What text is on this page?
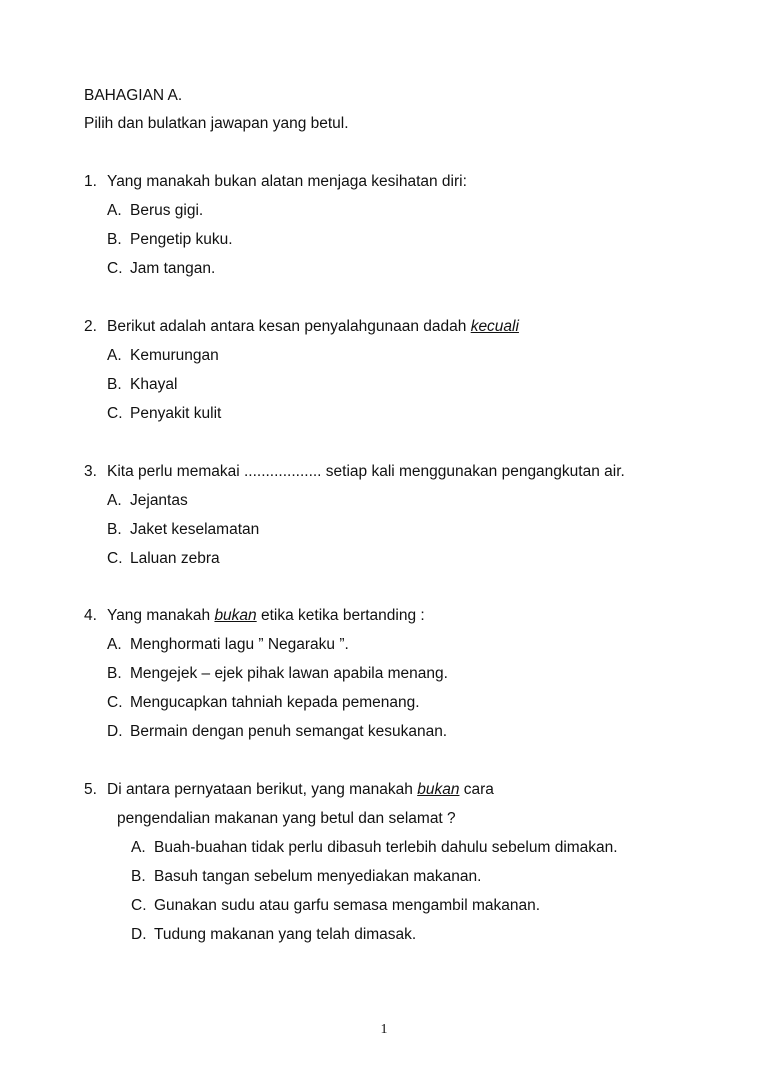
BAHAGIAN A.
Pilih dan bulatkan jawapan yang betul.
1. Yang manakah bukan alatan menjaga kesihatan diri:
A. Berus gigi.
B. Pengetip kuku.
C. Jam tangan.
2. Berikut adalah antara kesan penyalahgunaan dadah kecuali
A. Kemurungan
B. Khayal
C. Penyakit kulit
3. Kita perlu memakai .................. setiap kali menggunakan pengangkutan air.
A. Jejantas
B. Jaket keselamatan
C. Laluan zebra
4. Yang manakah bukan etika ketika bertanding :
A. Menghormati lagu ” Negaraku ”.
B. Mengejek – ejek pihak lawan apabila menang.
C. Mengucapkan tahniah kepada pemenang.
D. Bermain dengan penuh semangat kesukanan.
5. Di antara pernyataan berikut, yang manakah bukan cara
pengendalian makanan yang betul dan selamat ?
A. Buah-buahan tidak perlu dibasuh terlebih dahulu sebelum dimakan.
B. Basuh tangan sebelum menyediakan makanan.
C. Gunakan sudu atau garfu semasa mengambil makanan.
D. Tudung makanan yang telah dimasak.
1
